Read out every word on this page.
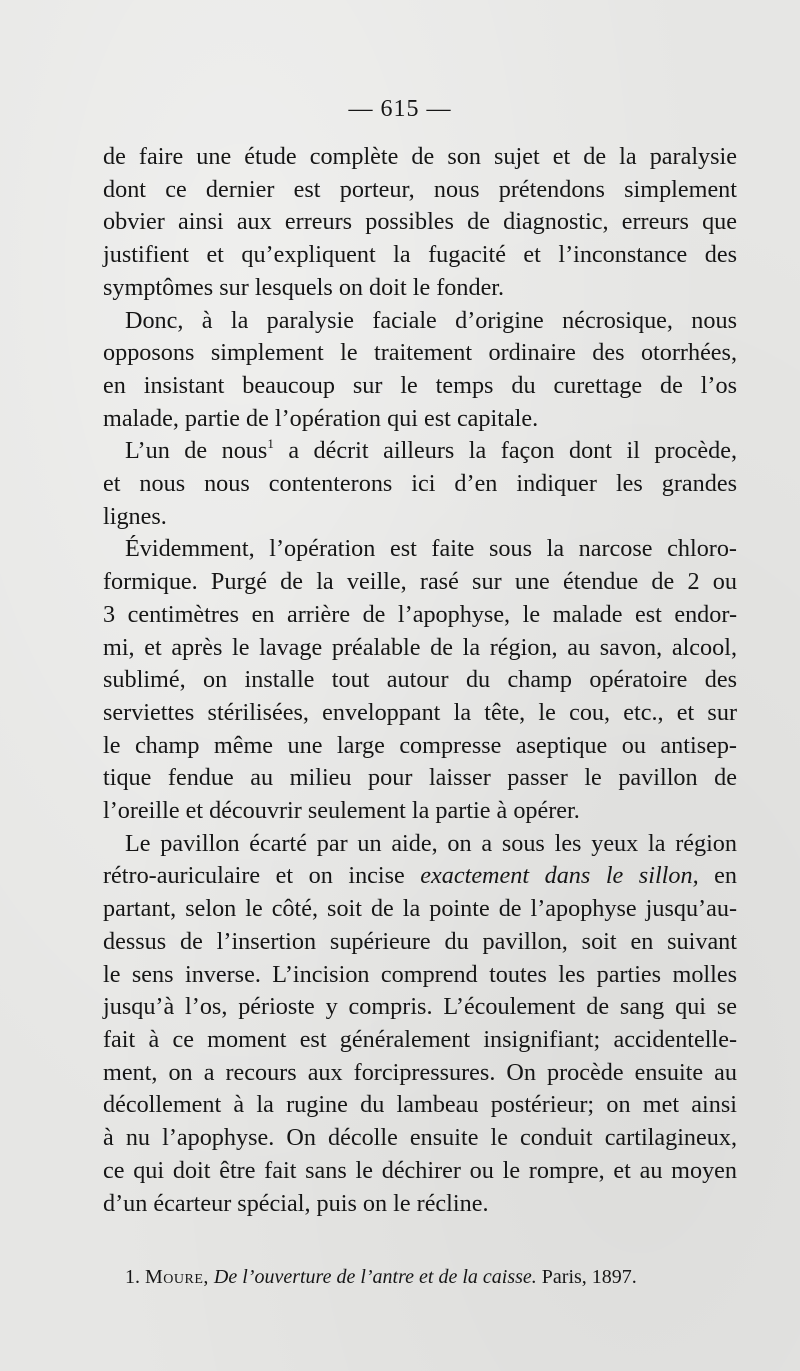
— 615 —

de faire une étude complète de son sujet et de la paralysie
dont ce dernier est porteur, nous prétendons simplement
obvier ainsi aux erreurs possibles de diagnostic, erreurs que
justifient et qu’expliquent la fugacité et l’inconstance des
symptômes sur lesquels on doit le fonder.

Donc, à la paralysie faciale d’origine nécrosique, nous
opposons simplement le traitement ordinaire des otorrhées,
en insistant beaucoup sur le temps du curettage de l’os
malade, partie de l’opération qui est capitale.

L’un de nous$^1$ a décrit ailleurs la façon dont il procède,
et nous nous contenterons ici d’en indiquer les grandes
lignes.

Évidemment, l’opération est faite sous la narcose chloro-
formique. Purgé de la veille, rasé sur une étendue de 2 ou
3 centimètres en arrière de l’apophyse, le malade est endor-
mi, et après le lavage préalable de la région, au savon, alcool,
sublimé, on installe tout autour du champ opératoire des
serviettes stérilisées, enveloppant la tête, le cou, etc., et sur
le champ même une large compresse aseptique ou antisep-
tique fendue au milieu pour laisser passer le pavillon de
l’oreille et découvrir seulement la partie à opérer.

Le pavillon écarté par un aide, on a sous les yeux la région
rétro-auriculaire et on incise exactement dans le sillon, en
partant, selon le côté, soit de la pointe de l’apophyse jusqu’au-
dessus de l’insertion supérieure du pavillon, soit en suivant
le sens inverse. L’incision comprend toutes les parties molles
jusqu’à l’os, périoste y compris. L’écoulement de sang qui se
fait à ce moment est généralement insignifiant; accidentelle-
ment, on a recours aux forcipressures. On procède ensuite au
décollement à la rugine du lambeau postérieur; on met ainsi
à nu l’apophyse. On décolle ensuite le conduit cartilagineux,
ce qui doit être fait sans le déchirer ou le rompre, et au moyen
d’un écarteur spécial, puis on le récline.

1. Moure, De l’ouverture de l’antre et de la caisse. Paris, 1897.
